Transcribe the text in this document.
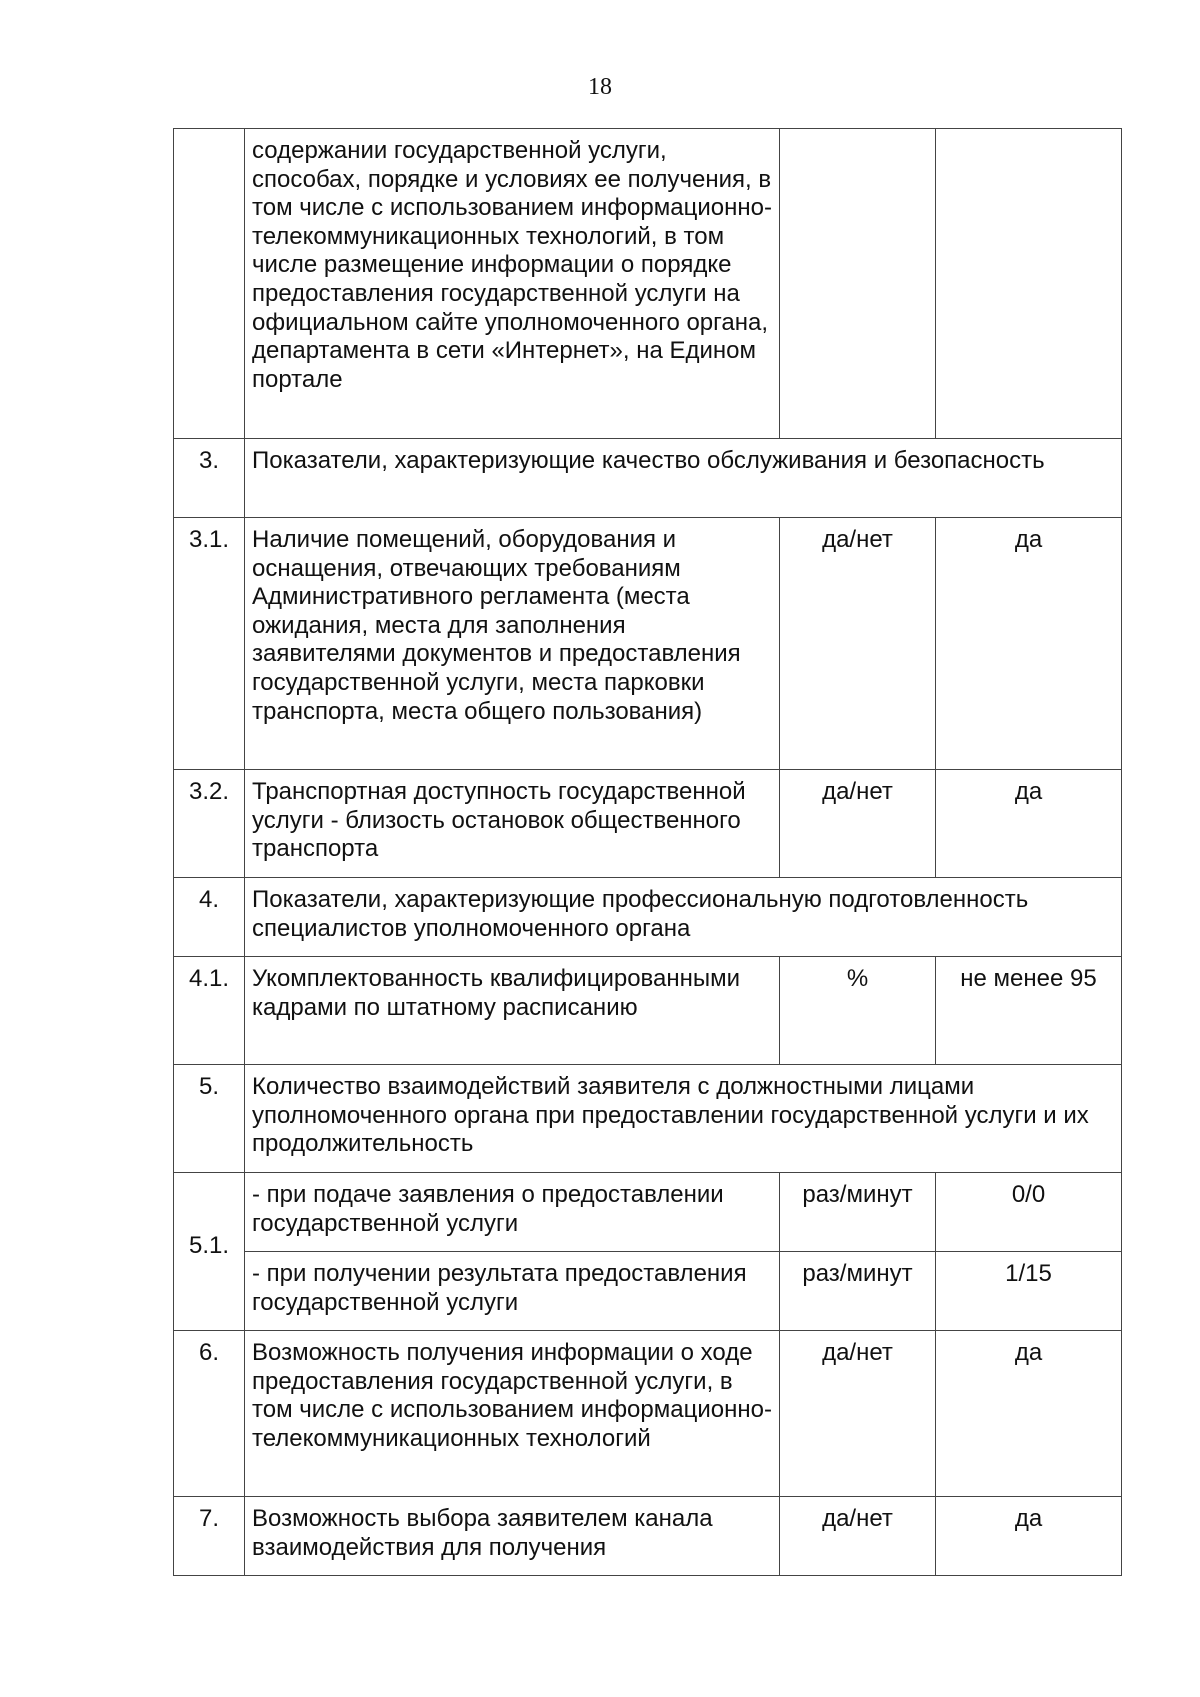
18
	содержании государственной услуги, способах, порядке и условиях ее получения, в том числе с использованием информационно-телекоммуникационных технологий, в том числе размещение информации о порядке предоставления государственной услуги на официальном сайте уполномоченного органа, департамента в сети «Интернет», на Едином портале		
3.	Показатели, характеризующие качество обслуживания и безопасность		
3.1.	Наличие помещений, оборудования и оснащения, отвечающих требованиям Административного регламента (места ожидания, места для заполнения заявителями документов и предоставления государственной услуги, места парковки транспорта, места общего пользования)	да/нет	да
3.2.	Транспортная доступность государственной услуги - близость остановок общественного транспорта	да/нет	да
4.	Показатели, характеризующие профессиональную подготовленность специалистов уполномоченного органа		
4.1.	Укомплектованность квалифицированными кадрами по штатному расписанию	%	не менее 95
5.	Количество взаимодействий заявителя с должностными лицами уполномоченного органа при предоставлении государственной услуги и их продолжительность		

5.1.	- при подаче заявления о предоставлении государственной услуги	раз/минут	0/0
	- при получении результата предоставления государственной услуги	раз/минут	1/15
6.	Возможность получения информации о ходе предоставления государственной услуги, в том числе с использованием информационно-телекоммуникационных технологий	да/нет	да
7.	Возможность выбора заявителем канала взаимодействия для получения	да/нет	да
